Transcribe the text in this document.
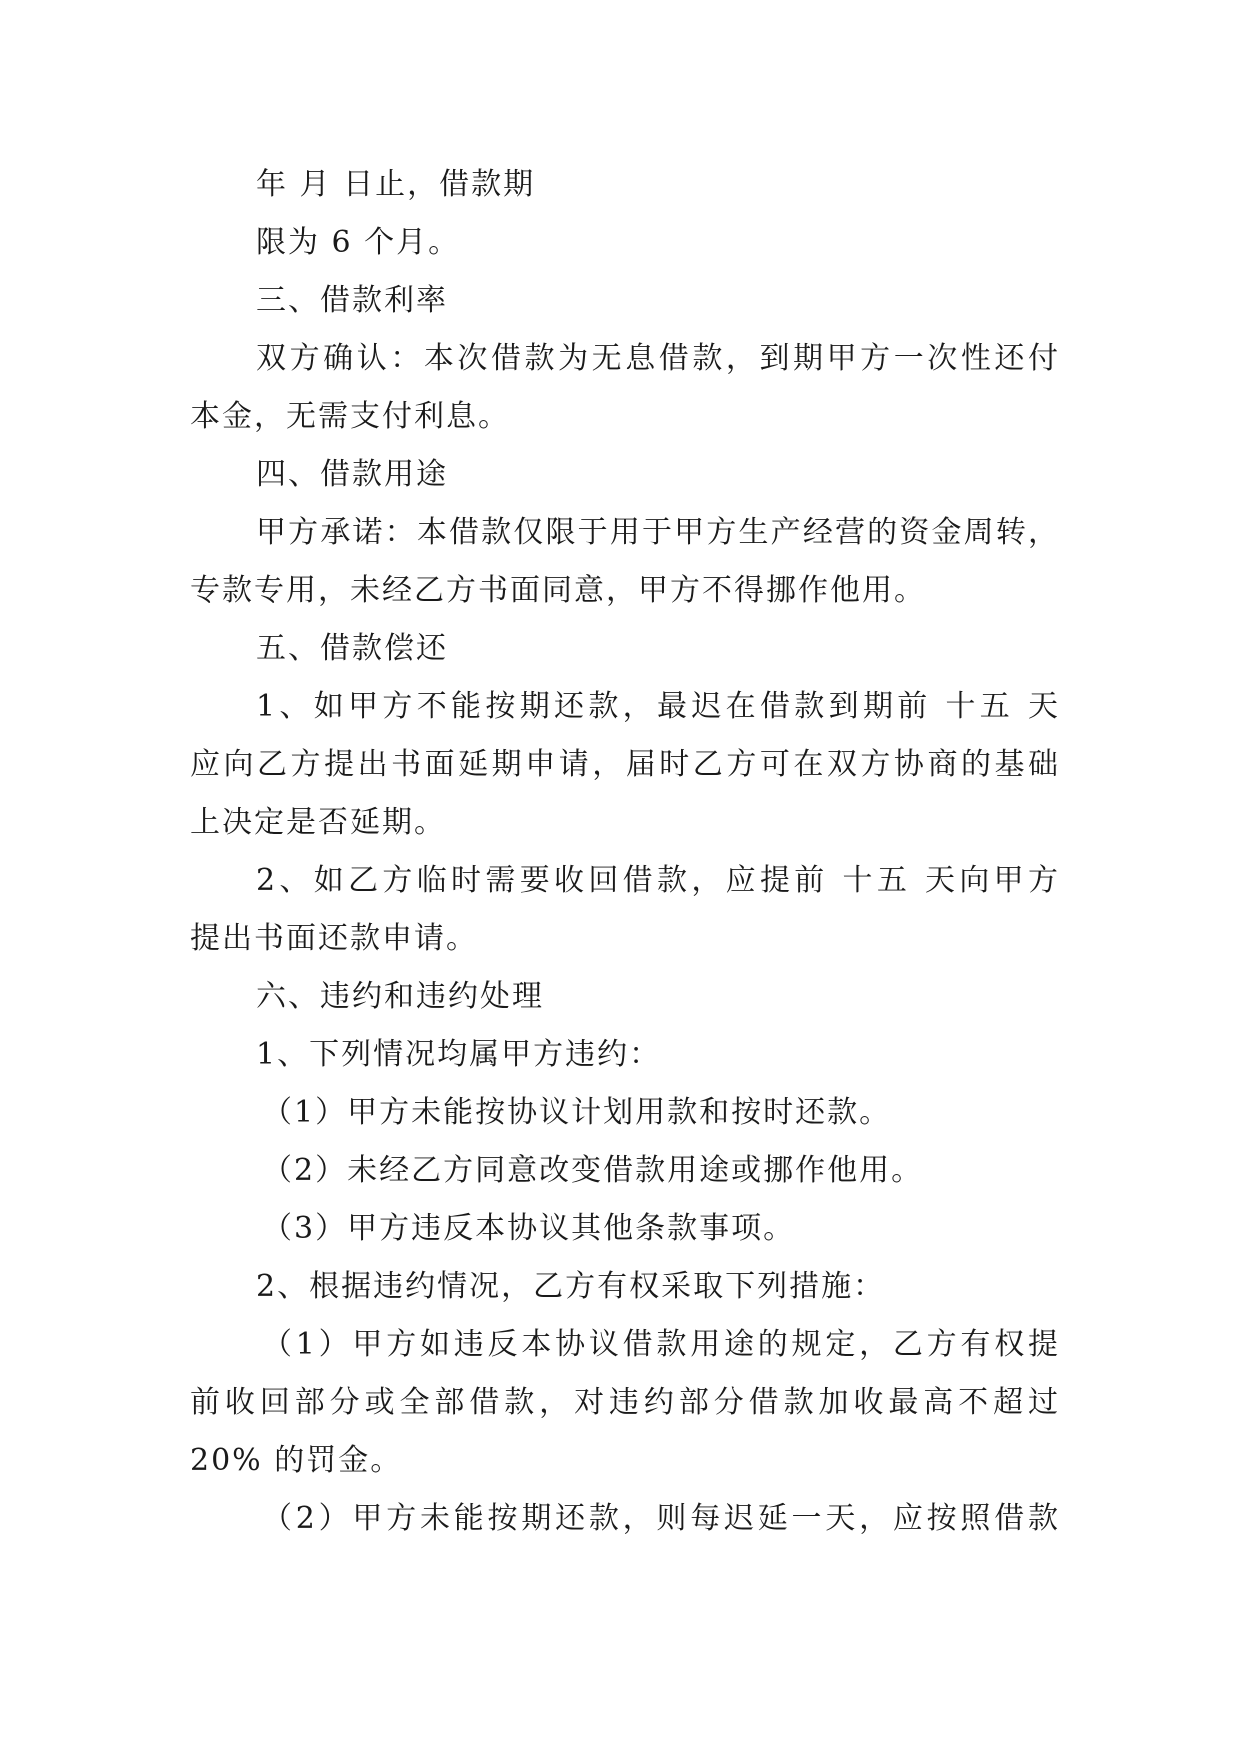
年 月 日止，借款期
限为 6 个月。
三、借款利率
双方确认：本次借款为无息借款，到期甲方一次性还付
本金，无需支付利息。
四、借款用途
甲方承诺：本借款仅限于用于甲方生产经营的资金周转，
专款专用，未经乙方书面同意，甲方不得挪作他用。
五、借款偿还
1、如甲方不能按期还款，最迟在借款到期前 十五 天
应向乙方提出书面延期申请，届时乙方可在双方协商的基础
上决定是否延期。
2、如乙方临时需要收回借款，应提前 十五 天向甲方
提出书面还款申请。
六、违约和违约处理
1、下列情况均属甲方违约：
（1）甲方未能按协议计划用款和按时还款。
（2）未经乙方同意改变借款用途或挪作他用。
（3）甲方违反本协议其他条款事项。
2、根据违约情况，乙方有权采取下列措施：
（1）甲方如违反本协议借款用途的规定，乙方有权提
前收回部分或全部借款，对违约部分借款加收最高不超过
20% 的罚金。
（2）甲方未能按期还款，则每迟延一天，应按照借款
